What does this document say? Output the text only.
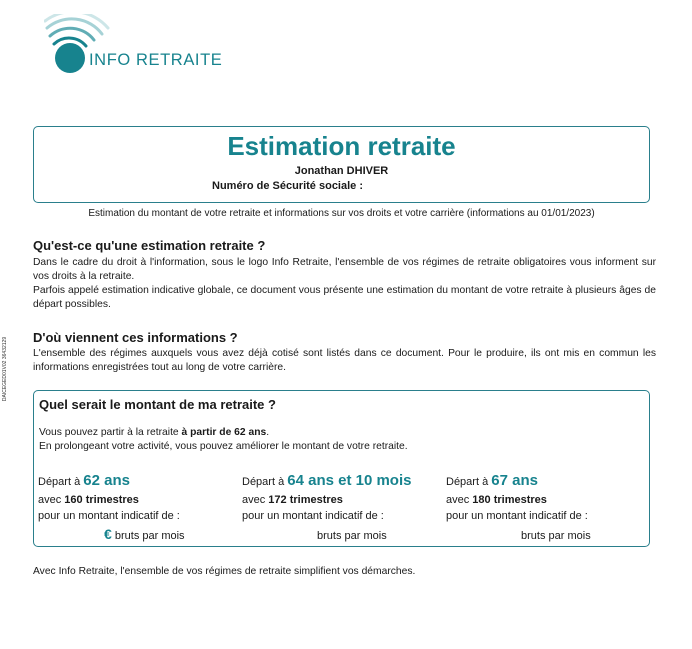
INFO RETRAITE
DAICEGED01V02 36432129
Estimation retraite
Jonathan DHIVER
Numéro de Sécurité sociale :
Estimation du montant de votre retraite et informations sur vos droits et votre carrière (informations au 01/01/2023)
Qu'est-ce qu'une estimation retraite ?
Dans le cadre du droit à l'information, sous le logo Info Retraite, l'ensemble de vos régimes de retraite obligatoires vous informent sur vos droits à la retraite.
Parfois appelé estimation indicative globale, ce document vous présente une estimation du montant de votre retraite à plusieurs âges de départ possibles.
D'où viennent ces informations ?
L'ensemble des régimes auxquels vous avez déjà cotisé sont listés dans ce document. Pour le produire, ils ont mis en commun les informations enregistrées tout au long de votre carrière.
Quel serait le montant de ma retraite ?
Vous pouvez partir à la retraite à partir de 62 ans.
En prolongeant votre activité, vous pouvez améliorer le montant de votre retraite.
Départ à 62 ans
avec 160 trimestres
pour un montant indicatif de :
€ bruts par mois
Départ à 64 ans et 10 mois
avec 172 trimestres
pour un montant indicatif de :
bruts par mois
Départ à 67 ans
avec 180 trimestres
pour un montant indicatif de :
bruts par mois
Avec Info Retraite, l'ensemble de vos régimes de retraite simplifient vos démarches.
